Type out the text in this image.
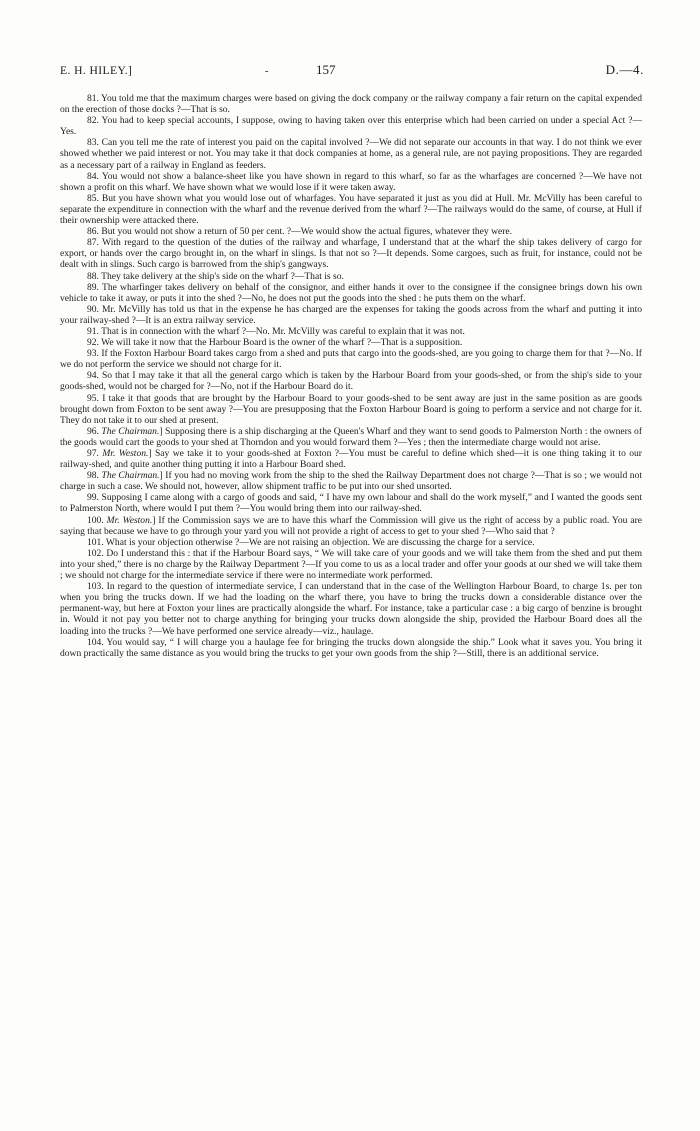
E. H. HILEY.]	-	157	D.—4.

81. You told me that the maximum charges were based on giving the dock company or the railway company a fair return on the capital expended on the erection of those docks ?—That is so.

82. You had to keep special accounts, I suppose, owing to having taken over this enterprise which had been carried on under a special Act ?—Yes.

83. Can you tell me the rate of interest you paid on the capital involved ?—We did not separate our accounts in that way. I do not think we ever showed whether we paid interest or not. You may take it that dock companies at home, as a general rule, are not paying propositions. They are regarded as a necessary part of a railway in England as feeders.

84. You would not show a balance-sheet like you have shown in regard to this wharf, so far as the wharfages are concerned ?—We have not shown a profit on this wharf. We have shown what we would lose if it were taken away.

85. But you have shown what you would lose out of wharfages. You have separated it just as you did at Hull. Mr. McVilly has been careful to separate the expenditure in connection with the wharf and the revenue derived from the wharf ?—The railways would do the same, of course, at Hull if their ownership were attacked there.

86. But you would not show a return of 50 per cent. ?—We would show the actual figures, whatever they were.

87. With regard to the question of the duties of the railway and wharfage, I understand that at the wharf the ship takes delivery of cargo for export, or hands over the cargo brought in, on the wharf in slings. Is that not so ?—It depends. Some cargoes, such as fruit, for instance, could not be dealt with in slings. Such cargo is barrowed from the ship's gangways.

88. They take delivery at the ship's side on the wharf ?—That is so.

89. The wharfinger takes delivery on behalf of the consignor, and either hands it over to the consignee if the consignee brings down his own vehicle to take it away, or puts it into the shed ?—No, he does not put the goods into the shed : he puts them on the wharf.

90. Mr. McVilly has told us that in the expense he has charged are the expenses for taking the goods across from the wharf and putting it into your railway-shed ?—It is an extra railway service.

91. That is in connection with the wharf ?—No. Mr. McVilly was careful to explain that it was not.

92. We will take it now that the Harbour Board is the owner of the wharf ?—That is a supposition.

93. If the Foxton Harbour Board takes cargo from a shed and puts that cargo into the goods-shed, are you going to charge them for that ?—No. If we do not perform the service we should not charge for it.

94. So that I may take it that all the general cargo which is taken by the Harbour Board from your goods-shed, or from the ship's side to your goods-shed, would not be charged for ?—No, not if the Harbour Board do it.

95. I take it that goods that are brought by the Harbour Board to your goods-shed to be sent away are just in the same position as are goods brought down from Foxton to be sent away ?—You are presupposing that the Foxton Harbour Board is going to perform a service and not charge for it. They do not take it to our shed at present.

96. The Chairman.] Supposing there is a ship discharging at the Queen's Wharf and they want to send goods to Palmerston North : the owners of the goods would cart the goods to your shed at Thorndon and you would forward them ?—Yes ; then the intermediate charge would not arise.

97. Mr. Weston.] Say we take it to your goods-shed at Foxton ?—You must be careful to define which shed—it is one thing taking it to our railway-shed, and quite another thing putting it into a Harbour Board shed.

98. The Chairman.] If you had no moving work from the ship to the shed the Railway Department does not charge ?—That is so ; we would not charge in such a case. We should not, however, allow shipment traffic to be put into our shed unsorted.

99. Supposing I came along with a cargo of goods and said, “ I have my own labour and shall do the work myself,” and I wanted the goods sent to Palmerston North, where would I put them ?—You would bring them into our railway-shed.

100. Mr. Weston.] If the Commission says we are to have this wharf the Commission will give us the right of access by a public road. You are saying that because we have to go through your yard you will not provide a right of access to get to your shed ?—Who said that ?

101. What is your objection otherwise ?—We are not raising an objection. We are discussing the charge for a service.

102. Do I understand this : that if the Harbour Board says, “ We will take care of your goods and we will take them from the shed and put them into your shed,” there is no charge by the Railway Department ?—If you come to us as a local trader and offer your goods at our shed we will take them ; we should not charge for the intermediate service if there were no intermediate work performed.

103. In regard to the question of intermediate service, I can understand that in the case of the Wellington Harbour Board, to charge 1s. per ton when you bring the trucks down. If we had the loading on the wharf there, you have to bring the trucks down a considerable distance over the permanent-way, but here at Foxton your lines are practically alongside the wharf. For instance, take a particular case : a big cargo of benzine is brought in. Would it not pay you better not to charge anything for bringing your trucks down alongside the ship, provided the Harbour Board does all the loading into the trucks ?—We have performed one service already—viz., haulage.

104. You would say, “ I will charge you a haulage fee for bringing the trucks down alongside the ship.” Look what it saves you. You bring it down practically the same distance as you would bring the trucks to get your own goods from the ship ?—Still, there is an additional service.
